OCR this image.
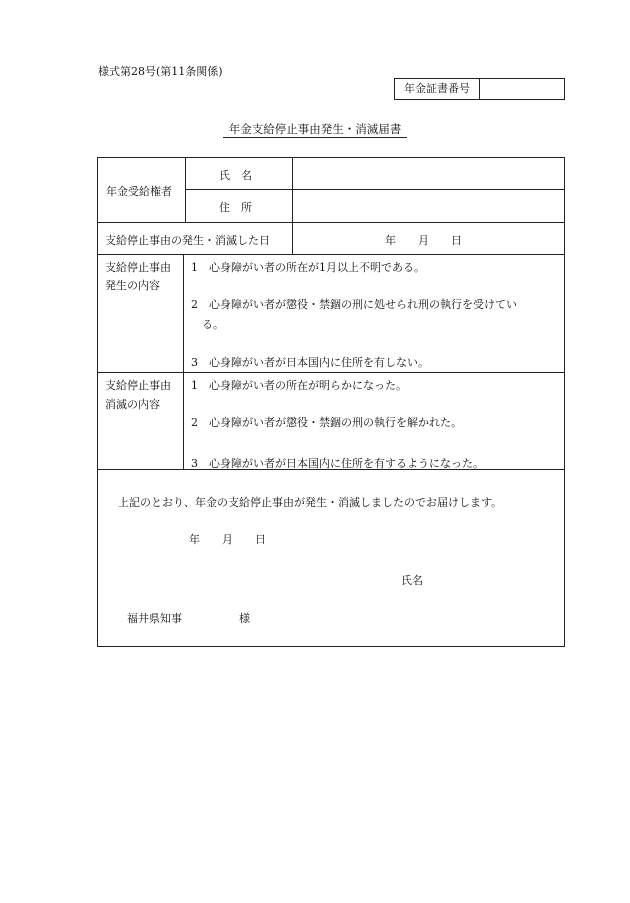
様式第28号(第11条関係)
年金証書番号
年金支給停止事由発生・消滅届書
年金受給権者
氏　名
住　所
支給停止事由の発生・消滅した日	年　　月　　日
支給停止事由
発生の内容
1　心身障がい者の所在が1月以上不明である。
2　心身障がい者が懲役・禁錮の刑に処せられ刑の執行を受けてい
る。
3　心身障がい者が日本国内に住所を有しない。
支給停止事由
消滅の内容
1　心身障がい者の所在が明らかになった。
2　心身障がい者が懲役・禁錮の刑の執行を解かれた。
3　心身障がい者が日本国内に住所を有するようになった。
上記のとおり、年金の支給停止事由が発生・消滅しましたのでお届けします。
年　　月　　日
氏名
福井県知事	様
